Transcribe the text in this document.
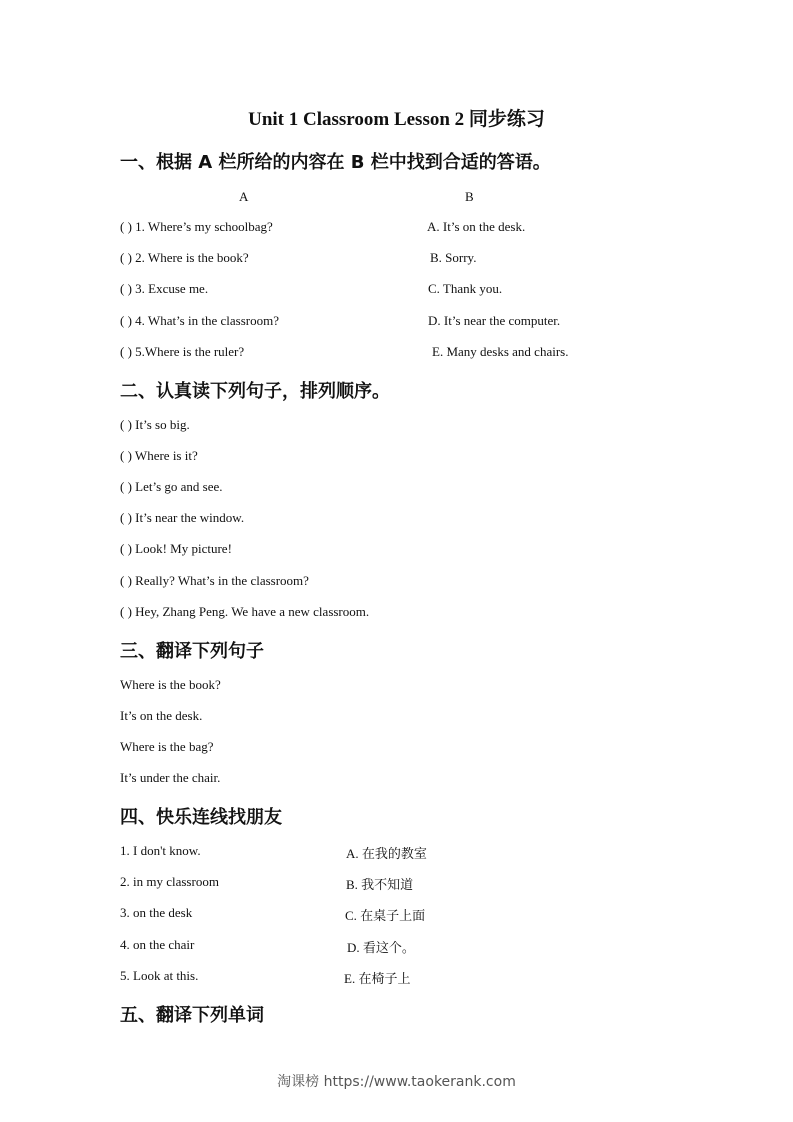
Unit 1 Classroom Lesson 2 同步练习
一、根据 A 栏所给的内容在 B 栏中找到合适的答语。
A	B
( ) 1. Where’s my schoolbag?
( ) 2. Where is the book?
( ) 3. Excuse me.
( ) 4. What’s in the classroom?
( ) 5.Where is the ruler?
A. It’s on the desk.
B. Sorry.
C. Thank you.
D. It’s near the computer.
E. Many desks and chairs.
二、认真读下列句子，排列顺序。
( ) It’s so big.
( ) Where is it?
( ) Let’s go and see.
( ) It’s near the window.
( ) Look! My picture!
( ) Really? What’s in the classroom?
( ) Hey, Zhang Peng. We have a new classroom.
三、翻译下列句子
Where is the book?
It’s on the desk.
Where is the bag?
It’s under the chair.
四、快乐连线找朋友
1. I don't know.
2. in my classroom
3. on the desk
4. on the chair
5. Look at this.
A. 在我的教室
B. 我不知道
C. 在桌子上面
D. 看这个。
E. 在椅子上
五、翻译下列单词
淘课榜 https://www.taokerank.com
